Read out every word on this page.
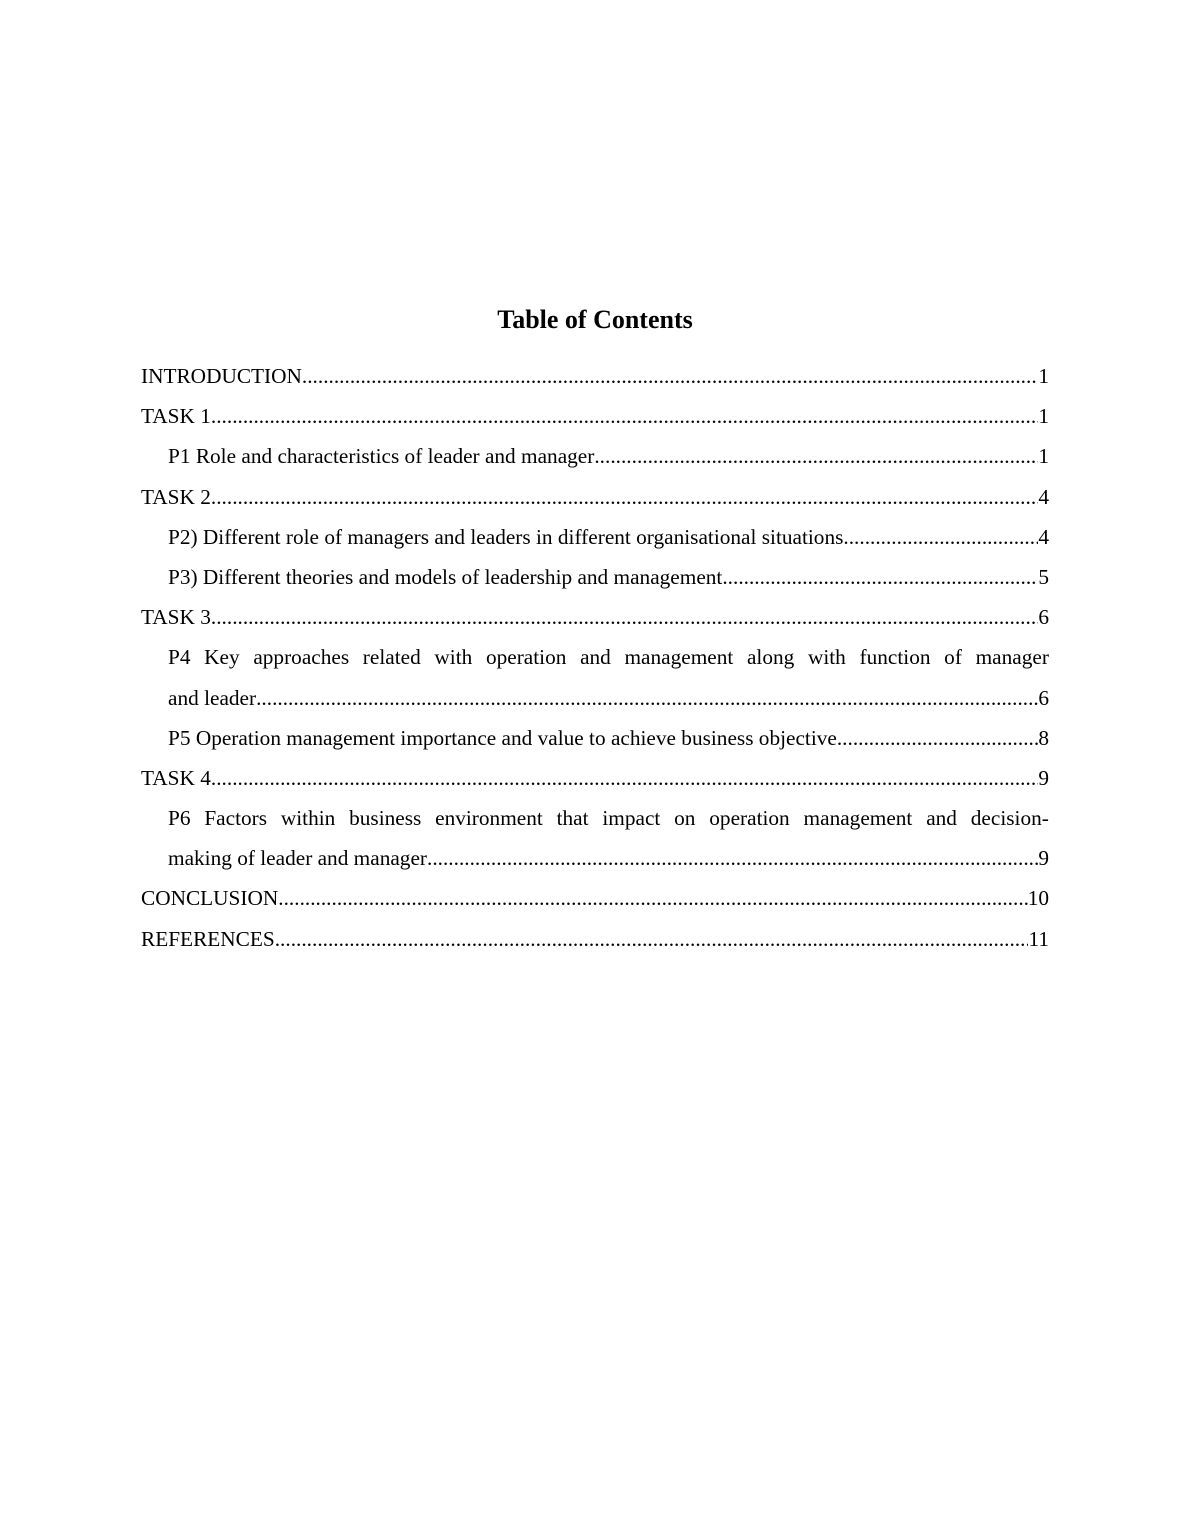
Table of Contents
INTRODUCTION .....	1
TASK 1 .....	1
P1 Role and characteristics of leader and manager .....	1
TASK 2 .....	4
P2) Different role of managers and leaders in different organisational situations .....	4
P3) Different theories and models of leadership and management .....	5
TASK 3 .....	6
P4 Key approaches related with operation and management along with function of manager
and leader .....	6
P5 Operation management importance and value to achieve business objective .....	8
TASK 4 .....	9
P6 Factors within business environment that impact on operation management and decision-
making of leader and manager .....	9
CONCLUSION .....	10
REFERENCES .....	11
